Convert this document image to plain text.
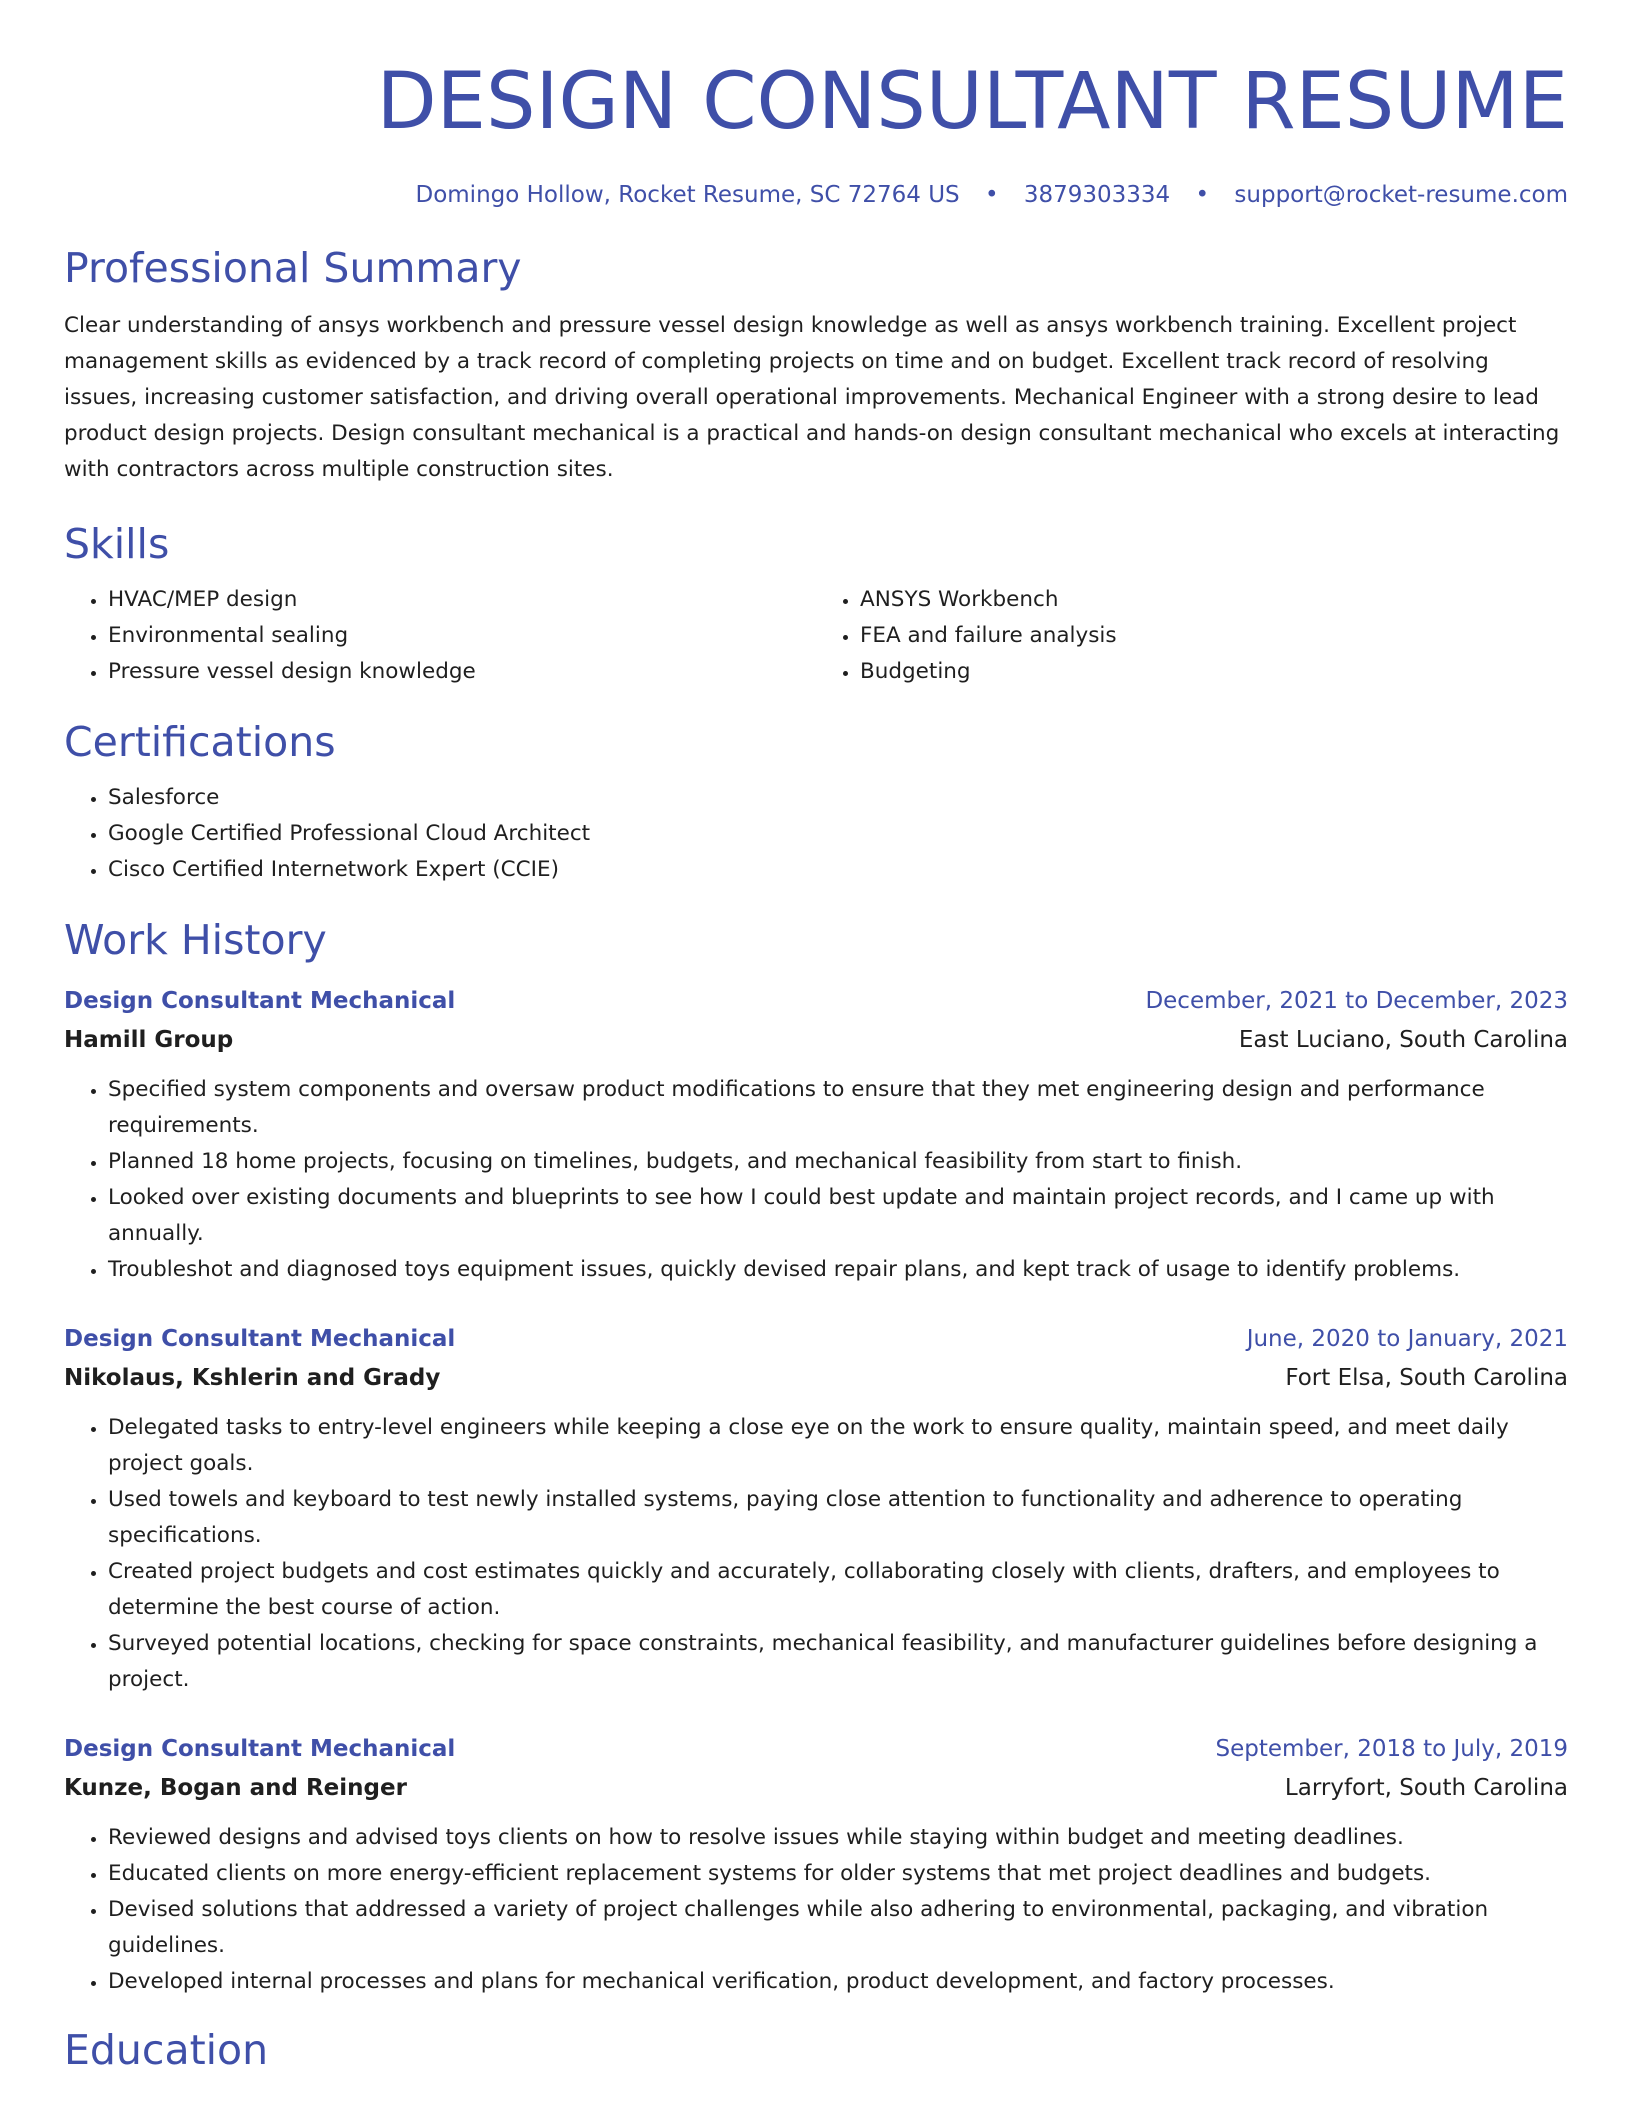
DESIGN CONSULTANT RESUME
Domingo Hollow, Rocket Resume, SC 72764 US • 3879303334 • support@rocket-resume.com
Professional Summary

Clear understanding of ansys workbench and pressure vessel design knowledge as well as ansys workbench training. Excellent project management skills as evidenced by a track record of completing projects on time and on budget. Excellent track record of resolving issues, increasing customer satisfaction, and driving overall operational improvements. Mechanical Engineer with a strong desire to lead product design projects. Design consultant mechanical is a practical and hands-on design consultant mechanical who excels at interacting with contractors across multiple construction sites.

Skills
• HVAC/MEP design
• Environmental sealing
• Pressure vessel design knowledge
• ANSYS Workbench
• FEA and failure analysis
• Budgeting
Certifications
• Salesforce
• Google Certified Professional Cloud Architect
• Cisco Certified Internetwork Expert (CCIE)
Work History
Design Consultant Mechanical	December, 2021 to December, 2023
Hamill Group	East Luciano, South Carolina
• Specified system components and oversaw product modifications to ensure that they met engineering design and performance requirements.
• Planned 18 home projects, focusing on timelines, budgets, and mechanical feasibility from start to finish.
• Looked over existing documents and blueprints to see how I could best update and maintain project records, and I came up with annually.
• Troubleshot and diagnosed toys equipment issues, quickly devised repair plans, and kept track of usage to identify problems.
Design Consultant Mechanical	June, 2020 to January, 2021
Nikolaus, Kshlerin and Grady	Fort Elsa, South Carolina
• Delegated tasks to entry-level engineers while keeping a close eye on the work to ensure quality, maintain speed, and meet daily project goals.
• Used towels and keyboard to test newly installed systems, paying close attention to functionality and adherence to operating specifications.
• Created project budgets and cost estimates quickly and accurately, collaborating closely with clients, drafters, and employees to determine the best course of action.
• Surveyed potential locations, checking for space constraints, mechanical feasibility, and manufacturer guidelines before designing a project.
Design Consultant Mechanical	September, 2018 to July, 2019
Kunze, Bogan and Reinger	Larryfort, South Carolina
• Reviewed designs and advised toys clients on how to resolve issues while staying within budget and meeting deadlines.
• Educated clients on more energy-efficient replacement systems for older systems that met project deadlines and budgets.
• Devised solutions that addressed a variety of project challenges while also adhering to environmental, packaging, and vibration guidelines.
• Developed internal processes and plans for mechanical verification, product development, and factory processes.
Education
